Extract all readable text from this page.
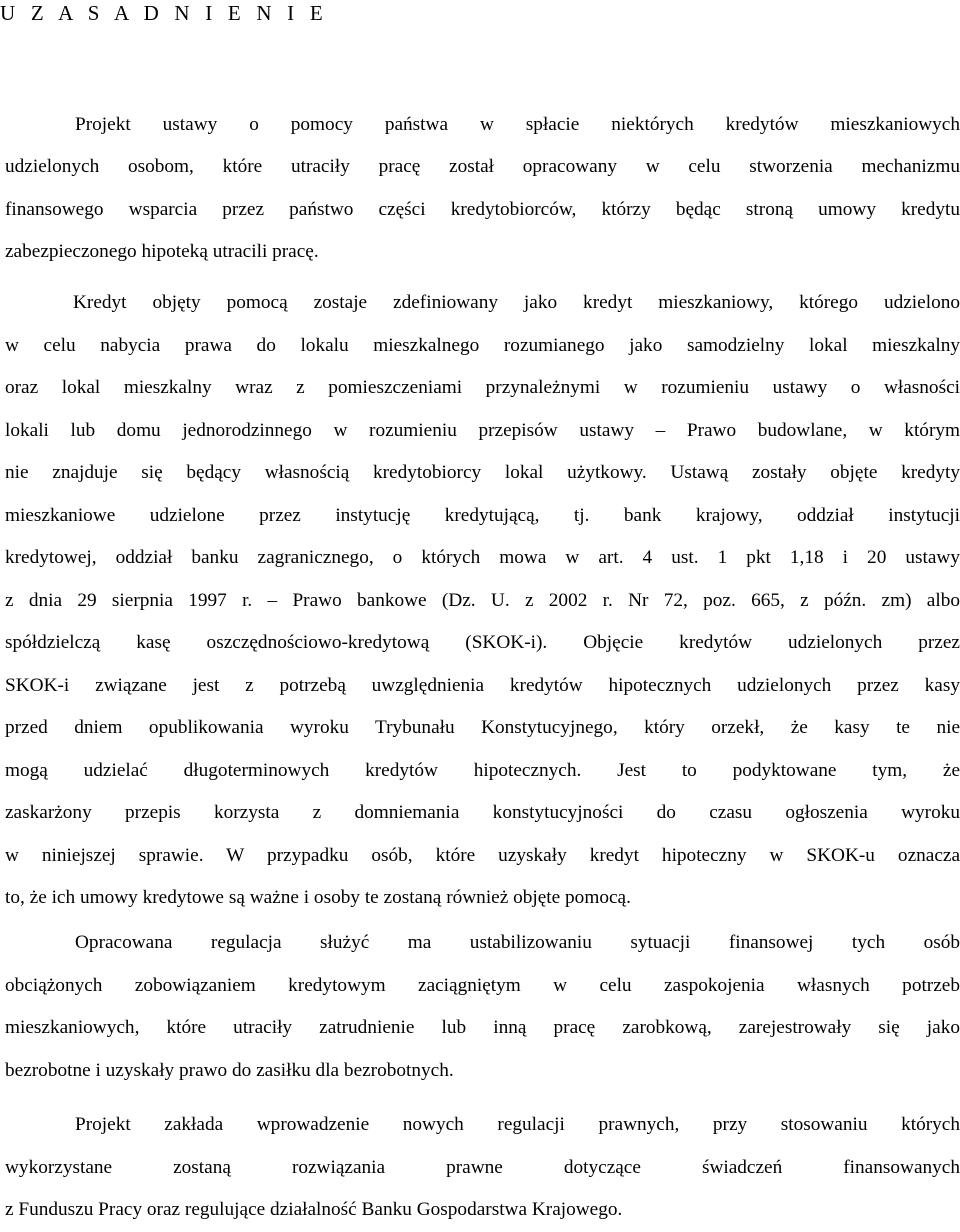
U Z A S A D N I E N I E
Projekt ustawy o pomocy państwa w spłacie niektórych kredytów mieszkaniowych
udzielonych osobom, które utraciły pracę został opracowany w celu stworzenia mechanizmu
finansowego wsparcia przez państwo części kredytobiorców, którzy będąc stroną umowy kredytu
zabezpieczonego hipoteką utracili pracę.
Kredyt objęty pomocą zostaje zdefiniowany jako kredyt mieszkaniowy, którego udzielono
w celu nabycia prawa do lokalu mieszkalnego rozumianego jako samodzielny lokal mieszkalny
oraz lokal mieszkalny wraz z pomieszczeniami przynależnymi w rozumieniu ustawy o własności
lokali lub domu jednorodzinnego w rozumieniu przepisów ustawy – Prawo budowlane, w którym
nie znajduje się będący własnością kredytobiorcy lokal użytkowy. Ustawą zostały objęte kredyty
mieszkaniowe udzielone przez instytucję kredytującą, tj. bank krajowy, oddział instytucji
kredytowej, oddział banku zagranicznego, o których mowa w art. 4 ust. 1 pkt 1,18 i 20 ustawy
z dnia 29 sierpnia 1997 r. – Prawo bankowe (Dz. U. z 2002 r. Nr 72, poz. 665, z późn. zm) albo
spółdzielczą kasę oszczędnościowo-kredytową (SKOK-i). Objęcie kredytów udzielonych przez
SKOK-i związane jest z potrzebą uwzględnienia kredytów hipotecznych udzielonych przez kasy
przed dniem opublikowania wyroku Trybunału Konstytucyjnego, który orzekł, że kasy te nie
mogą udzielać długoterminowych kredytów hipotecznych. Jest to podyktowane tym, że
zaskarżony przepis korzysta z domniemania konstytucyjności do czasu ogłoszenia wyroku
w niniejszej sprawie. W przypadku osób, które uzyskały kredyt hipoteczny w SKOK-u oznacza
to, że ich umowy kredytowe są ważne i osoby te zostaną również objęte pomocą.
Opracowana regulacja służyć ma ustabilizowaniu sytuacji finansowej tych osób
obciążonych zobowiązaniem kredytowym zaciągniętym w celu zaspokojenia własnych potrzeb
mieszkaniowych, które utraciły zatrudnienie lub inną pracę zarobkową, zarejestrowały się jako
bezrobotne i uzyskały prawo do zasiłku dla bezrobotnych.
Projekt zakłada wprowadzenie nowych regulacji prawnych, przy stosowaniu których
wykorzystane zostaną rozwiązania prawne dotyczące świadczeń finansowanych
z Funduszu Pracy oraz regulujące działalność Banku Gospodarstwa Krajowego.
